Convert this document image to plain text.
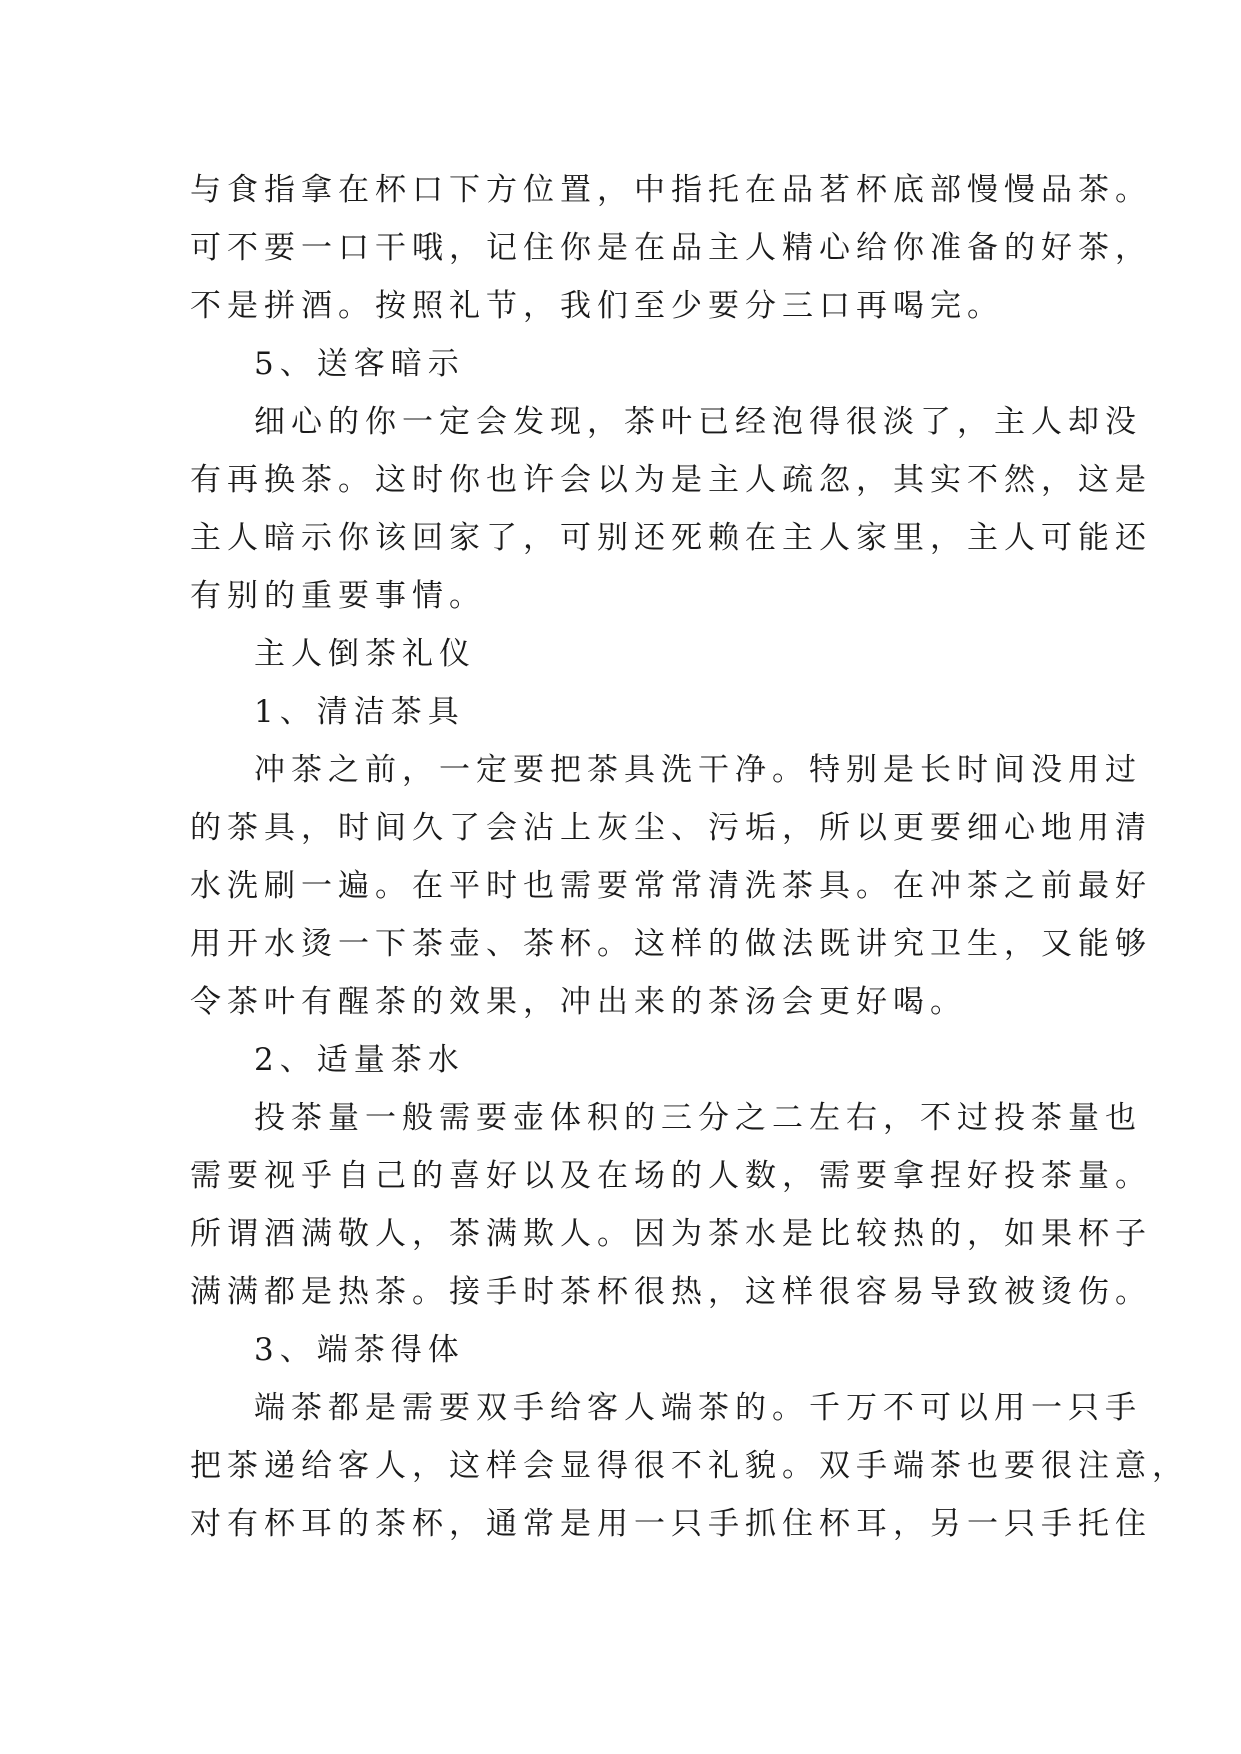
与食指拿在杯口下方位置，中指托在品茗杯底部慢慢品茶。
可不要一口干哦，记住你是在品主人精心给你准备的好茶，
不是拼酒。按照礼节，我们至少要分三口再喝完。
5、送客暗示
细心的你一定会发现，茶叶已经泡得很淡了，主人却没
有再换茶。这时你也许会以为是主人疏忽，其实不然，这是
主人暗示你该回家了，可别还死赖在主人家里，主人可能还
有别的重要事情。
主人倒茶礼仪
1、清洁茶具
冲茶之前，一定要把茶具洗干净。特别是长时间没用过
的茶具，时间久了会沾上灰尘、污垢，所以更要细心地用清
水洗刷一遍。在平时也需要常常清洗茶具。在冲茶之前最好
用开水烫一下茶壶、茶杯。这样的做法既讲究卫生，又能够
令茶叶有醒茶的效果，冲出来的茶汤会更好喝。
2、适量茶水
投茶量一般需要壶体积的三分之二左右，不过投茶量也
需要视乎自己的喜好以及在场的人数，需要拿捏好投茶量。
所谓酒满敬人，茶满欺人。因为茶水是比较热的，如果杯子
满满都是热茶。接手时茶杯很热，这样很容易导致被烫伤。
3、端茶得体
端茶都是需要双手给客人端茶的。千万不可以用一只手
把茶递给客人，这样会显得很不礼貌。双手端茶也要很注意，
对有杯耳的茶杯，通常是用一只手抓住杯耳，另一只手托住
